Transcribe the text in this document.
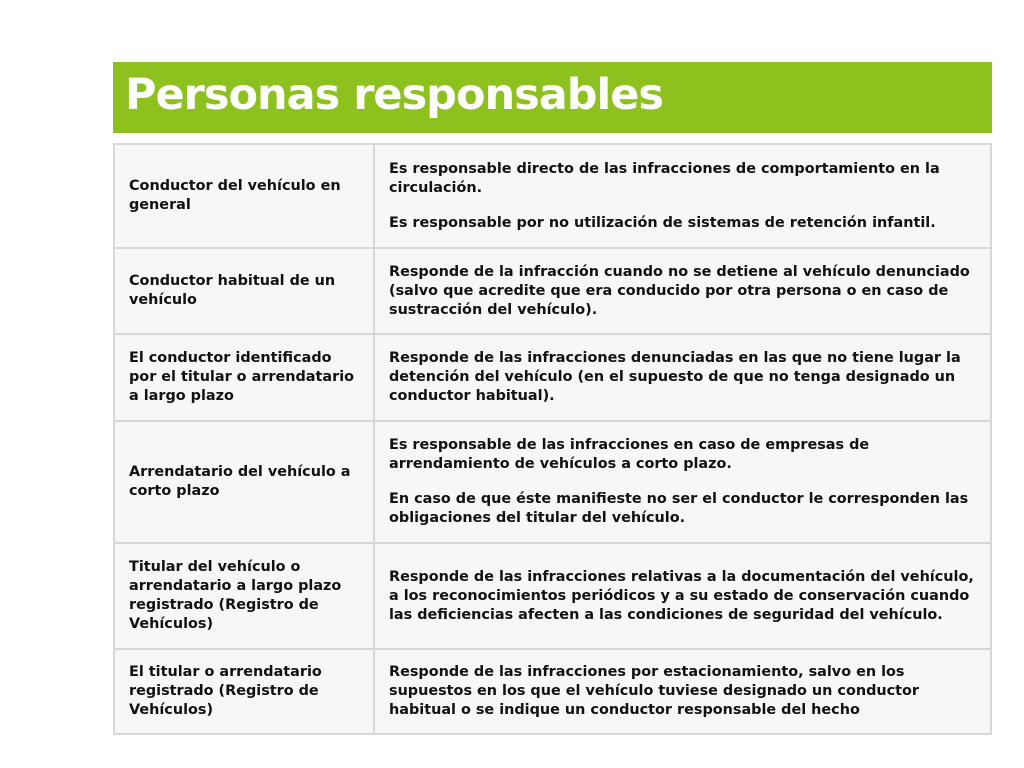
Personas responsables
Conductor del vehículo en general	Es responsable directo de las infracciones de comportamiento en la circulación.

Es responsable por no utilización de sistemas de retención infantil.

Conductor habitual de un vehículo	Responde de la infracción cuando no se detiene al vehículo denunciado (salvo que acredite que era conducido por otra persona o en caso de sustracción del vehículo).

El conductor identificado por el titular o arrendatario a largo plazo	Responde de las infracciones denunciadas en las que no tiene lugar la detención del vehículo (en el supuesto de que no tenga designado un conductor habitual).

Arrendatario del vehículo a corto plazo	Es responsable de las infracciones en caso de empresas de arrendamiento de vehículos a corto plazo.

En caso de que éste manifieste no ser el conductor le corresponden las obligaciones del titular del vehículo.

Titular del vehículo o arrendatario a largo plazo registrado (Registro de Vehículos)	Responde de las infracciones relativas a la documentación del vehículo, a los reconocimientos periódicos y a su estado de conservación cuando las deficiencias afecten a las condiciones de seguridad del vehículo.

El titular o arrendatario registrado (Registro de Vehículos)	Responde de las infracciones por estacionamiento, salvo en los supuestos en los que el vehículo tuviese designado un conductor habitual o se indique un conductor responsable del hecho
